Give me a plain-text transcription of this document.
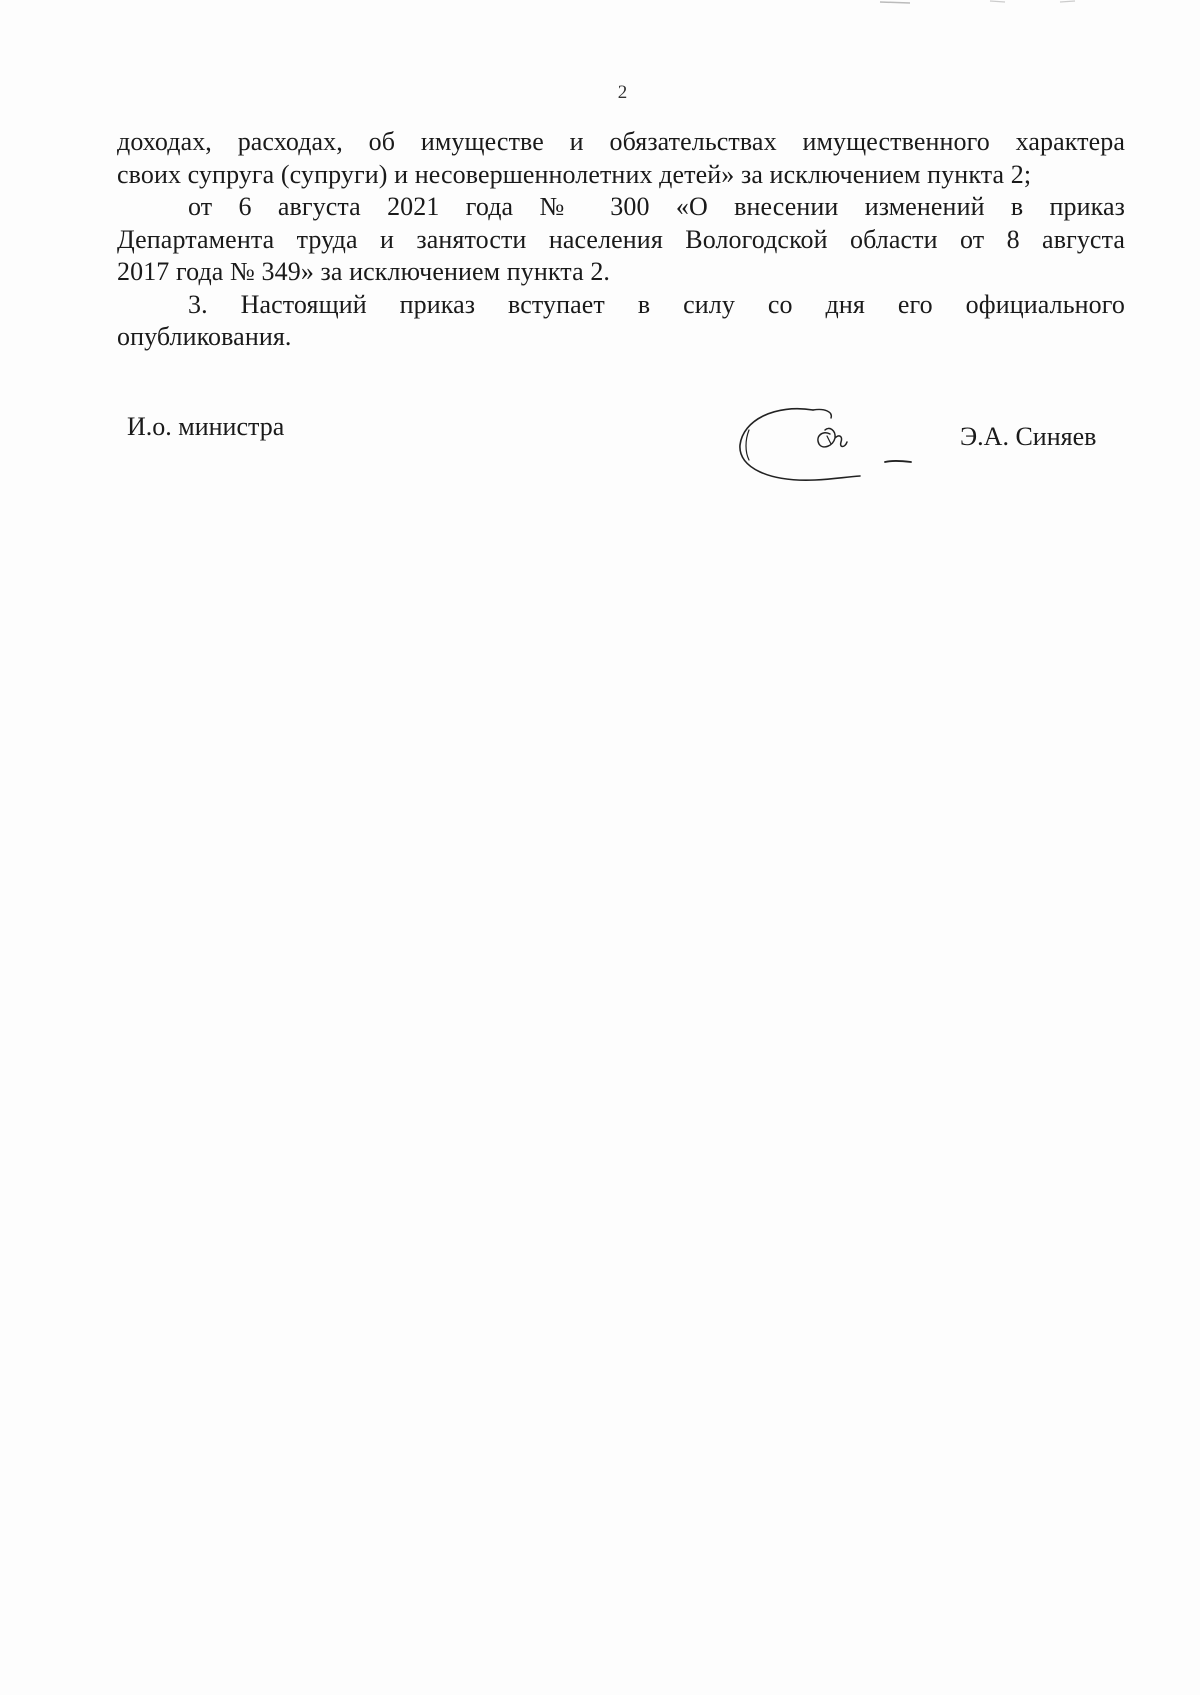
2
доходах, расходах, об имуществе и обязательствах имущественного характера
своих супруга (супруги) и несовершеннолетних детей» за исключением пункта 2;
от 6 августа 2021 года № 300 «О внесении изменений в приказ
Департамента труда и занятости населения Вологодской области от 8 августа
2017 года № 349» за исключением пункта 2.
3. Настоящий приказ вступает в силу со дня его официального
опубликования.
И.о. министра	Э.А. Синяев
